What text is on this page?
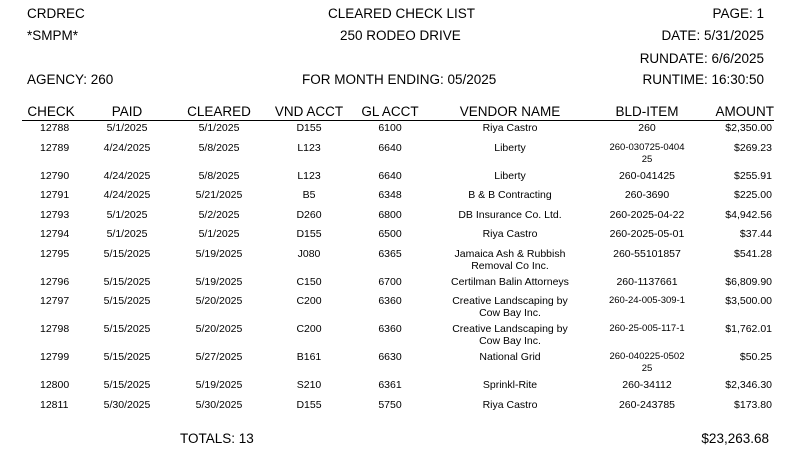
CRDREC	CLEARED CHECK LIST	PAGE: 1
*SMPM*	250 RODEO DRIVE	DATE: 5/31/2025
RUNDATE: 6/6/2025
AGENCY: 260	FOR MONTH ENDING: 05/2025	RUNTIME: 16:30:50
CHECK	PAID	CLEARED	VND ACCT	GL ACCT	VENDOR NAME	BLD-ITEM	AMOUNT
12788	5/1/2025	5/1/2025	D155	6100	Riya Castro	260	$2,350.00
12789	4/24/2025	5/8/2025	L123	6640	Liberty	260-030725-0404
25	$269.23
12790	4/24/2025	5/8/2025	L123	6640	Liberty	260-041425	$255.91
12791	4/24/2025	5/21/2025	B5	6348	B & B Contracting	260-3690	$225.00
12793	5/1/2025	5/2/2025	D260	6800	DB Insurance Co. Ltd.	260-2025-04-22	$4,942.56
12794	5/1/2025	5/1/2025	D155	6500	Riya Castro	260-2025-05-01	$37.44
12795	5/15/2025	5/19/2025	J080	6365	Jamaica Ash & Rubbish
Removal Co Inc.	260-55101857	$541.28
12796	5/15/2025	5/19/2025	C150	6700	Certilman Balin Attorneys	260-1137661	$6,809.90
12797	5/15/2025	5/20/2025	C200	6360	Creative Landscaping by
Cow Bay Inc.	260-24-005-309-1	$3,500.00
12798	5/15/2025	5/20/2025	C200	6360	Creative Landscaping by
Cow Bay Inc.	260-25-005-117-1	$1,762.01
12799	5/15/2025	5/27/2025	B161	6630	National Grid	260-040225-0502
25	$50.25
12800	5/15/2025	5/19/2025	S210	6361	Sprinkl-Rite	260-34112	$2,346.30
12811	5/30/2025	5/30/2025	D155	5750	Riya Castro	260-243785	$173.80
TOTALS: 13	$23,263.68
